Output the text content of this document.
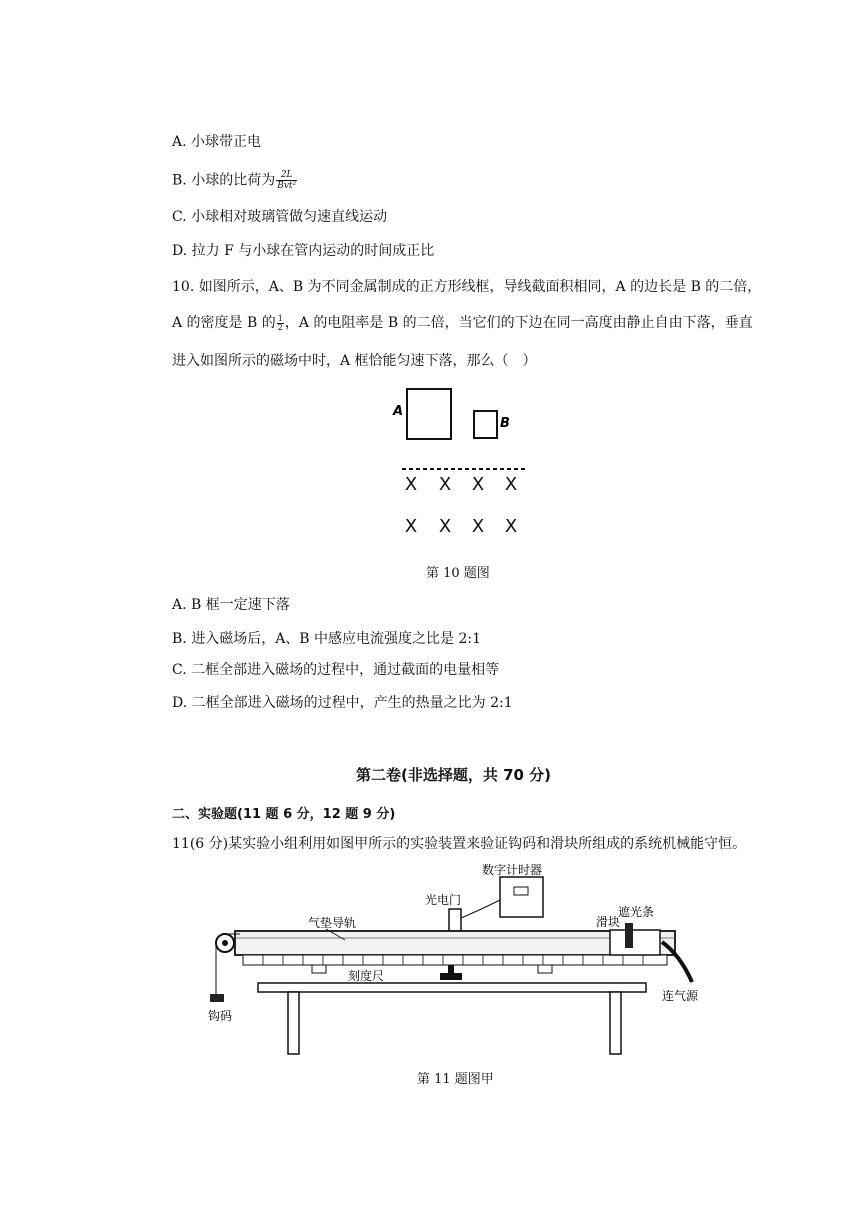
A. 小球带正电
B. 小球的比荷为 $\frac{2L}{\text{Bvt²}}$
C. 小球相对玻璃管做匀速直线运动
D. 拉力 F 与小球在管内运动的时间成正比
10. 如图所示，A、B 为不同金属制成的正方形线框，导线截面积相同，A 的边长是 B 的二倍，
A 的密度是 B 的 $\frac{1}{2}$ ，A 的电阻率是 B 的二倍，当它们的下边在同一高度由静止自由下落，垂直
进入如图所示的磁场中时，A 框恰能匀速下落，那么（　）
A
B
X X X X
X X X X
第 10 题图
A. B 框一定速下落
B. 进入磁场后，A、B 中感应电流强度之比是 2:1
C. 二框全部进入磁场的过程中，通过截面的电量相等
D. 二框全部进入磁场的过程中，产生的热量之比为 2:1
第二卷(非选择题，共 70 分)
二、实验题(11 题 6 分，12 题 9 分)
11(6 分)某实验小组利用如图甲所示的实验装置来验证钩码和滑块所组成的系统机械能守恒。
数字计时器
光电门
气垫导轨
刻度尺
滑块
遮光条
连气源
钩码
第 11 题图甲
